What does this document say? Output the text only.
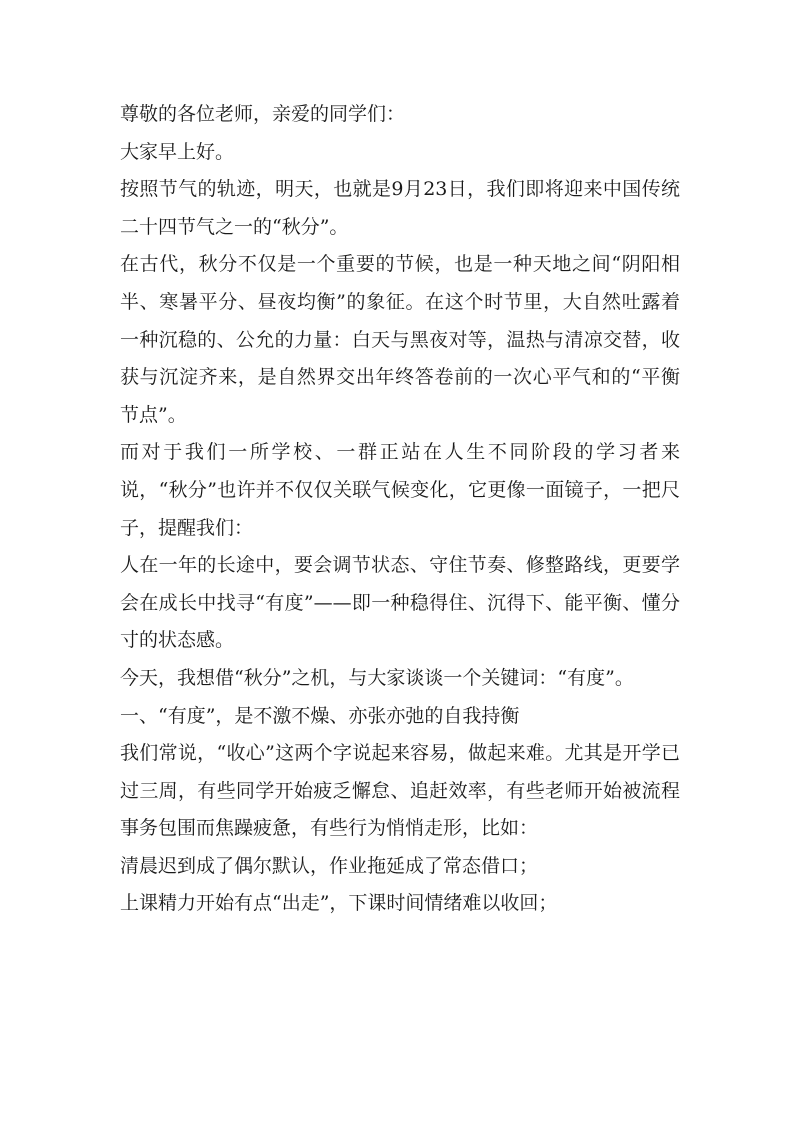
尊敬的各位老师，亲爱的同学们：

大家早上好。

按照节气的轨迹，明天，也就是9月23日，我们即将迎来中国传统二十四节气之一的“秋分”。

在古代，秋分不仅是一个重要的节候，也是一种天地之间“阴阳相半、寒暑平分、昼夜均衡”的象征。在这个时节里，大自然吐露着一种沉稳的、公允的力量：白天与黑夜对等，温热与清凉交替，收获与沉淀齐来，是自然界交出年终答卷前的一次心平气和的“平衡节点”。

而对于我们一所学校、一群正站在人生不同阶段的学习者来说，“秋分”也许并不仅仅关联气候变化，它更像一面镜子，一把尺子，提醒我们：

人在一年的长途中，要会调节状态、守住节奏、修整路线，更要学会在成长中找寻“有度”——即一种稳得住、沉得下、能平衡、懂分寸的状态感。

今天，我想借“秋分”之机，与大家谈谈一个关键词：“有度”。

一、“有度”，是不激不燥、亦张亦弛的自我持衡

我们常说，“收心”这两个字说起来容易，做起来难。尤其是开学已过三周，有些同学开始疲乏懈怠、追赶效率，有些老师开始被流程事务包围而焦躁疲惫，有些行为悄悄走形，比如：

清晨迟到成了偶尔默认，作业拖延成了常态借口；

上课精力开始有点“出走”，下课时间情绪难以收回；
